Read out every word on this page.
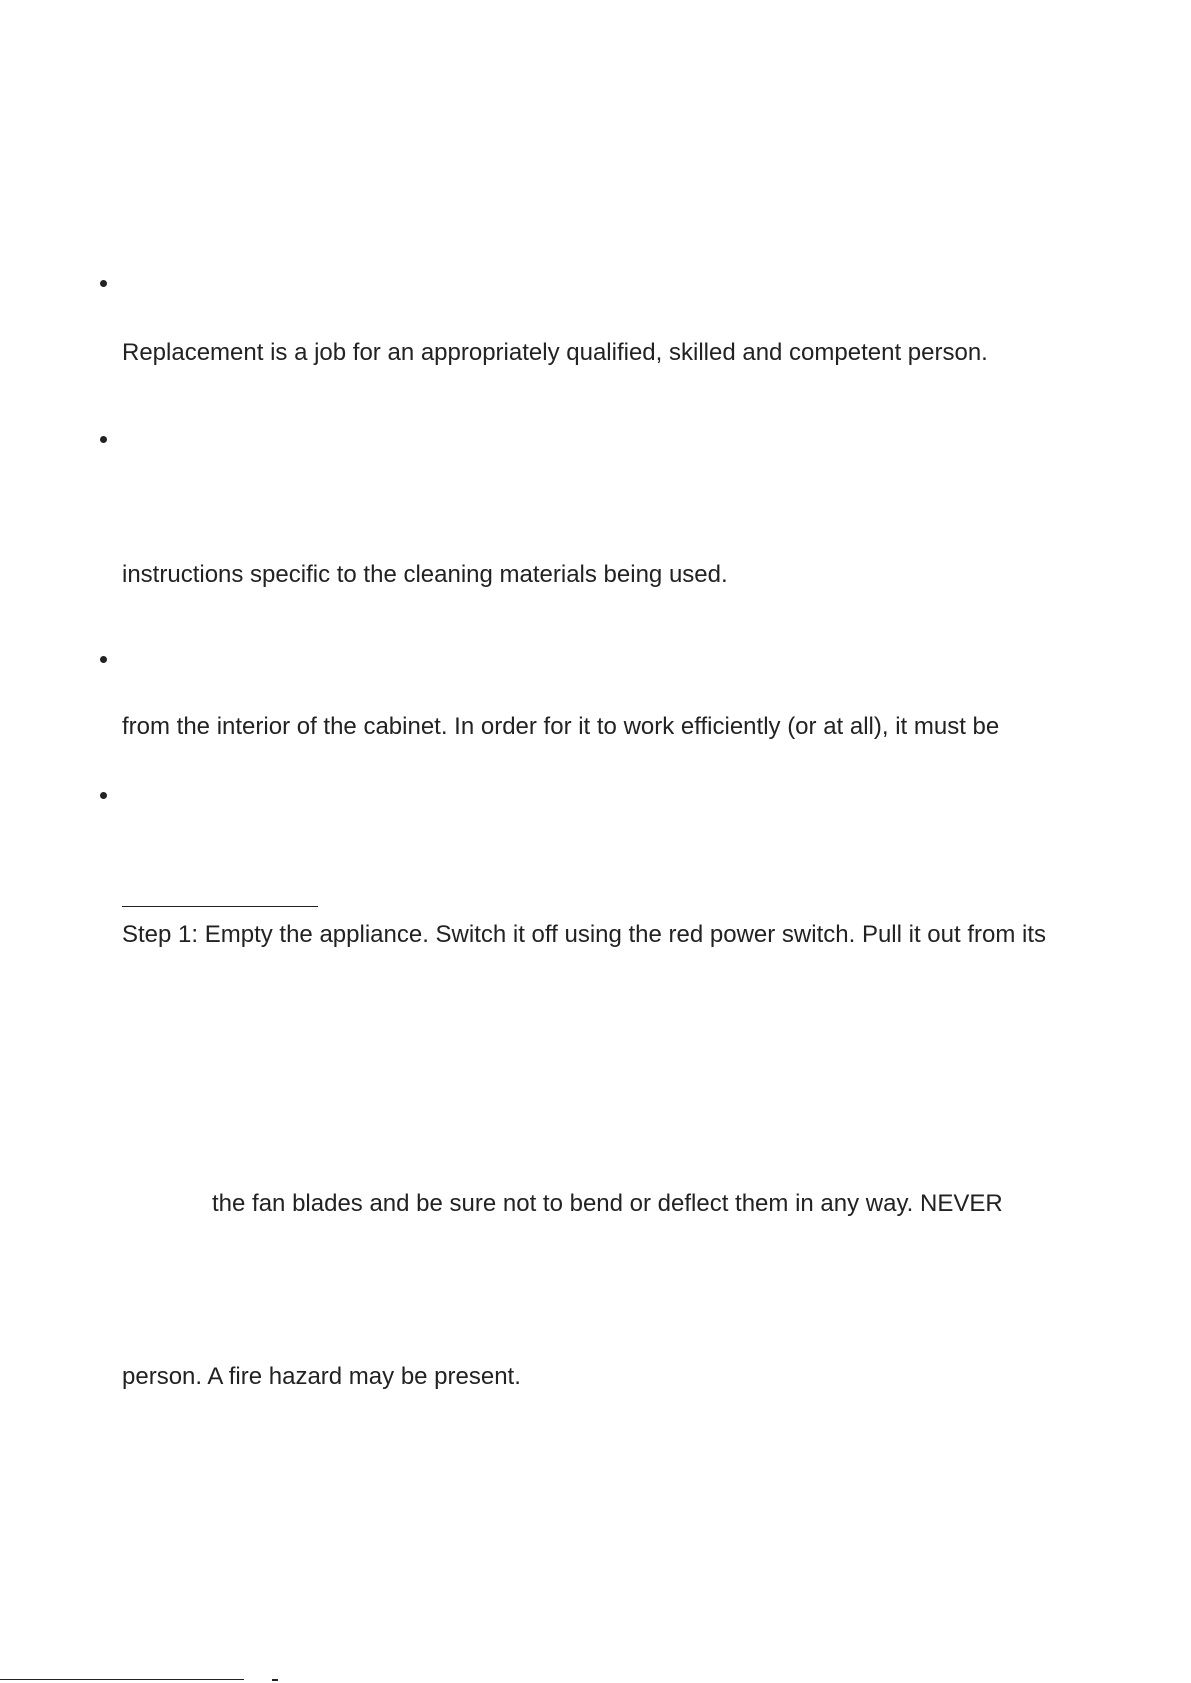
Replacement is a job for an appropriately qualified, skilled and competent person.
instructions specific to the cleaning materials being used.
from the interior of the cabinet. In order for it to work efficiently (or at all), it must be
Step 1: Empty the appliance. Switch it off using the red power switch. Pull it out from its
the fan blades and be sure not to bend or deflect them in any way. NEVER
person. A fire hazard may be present.
